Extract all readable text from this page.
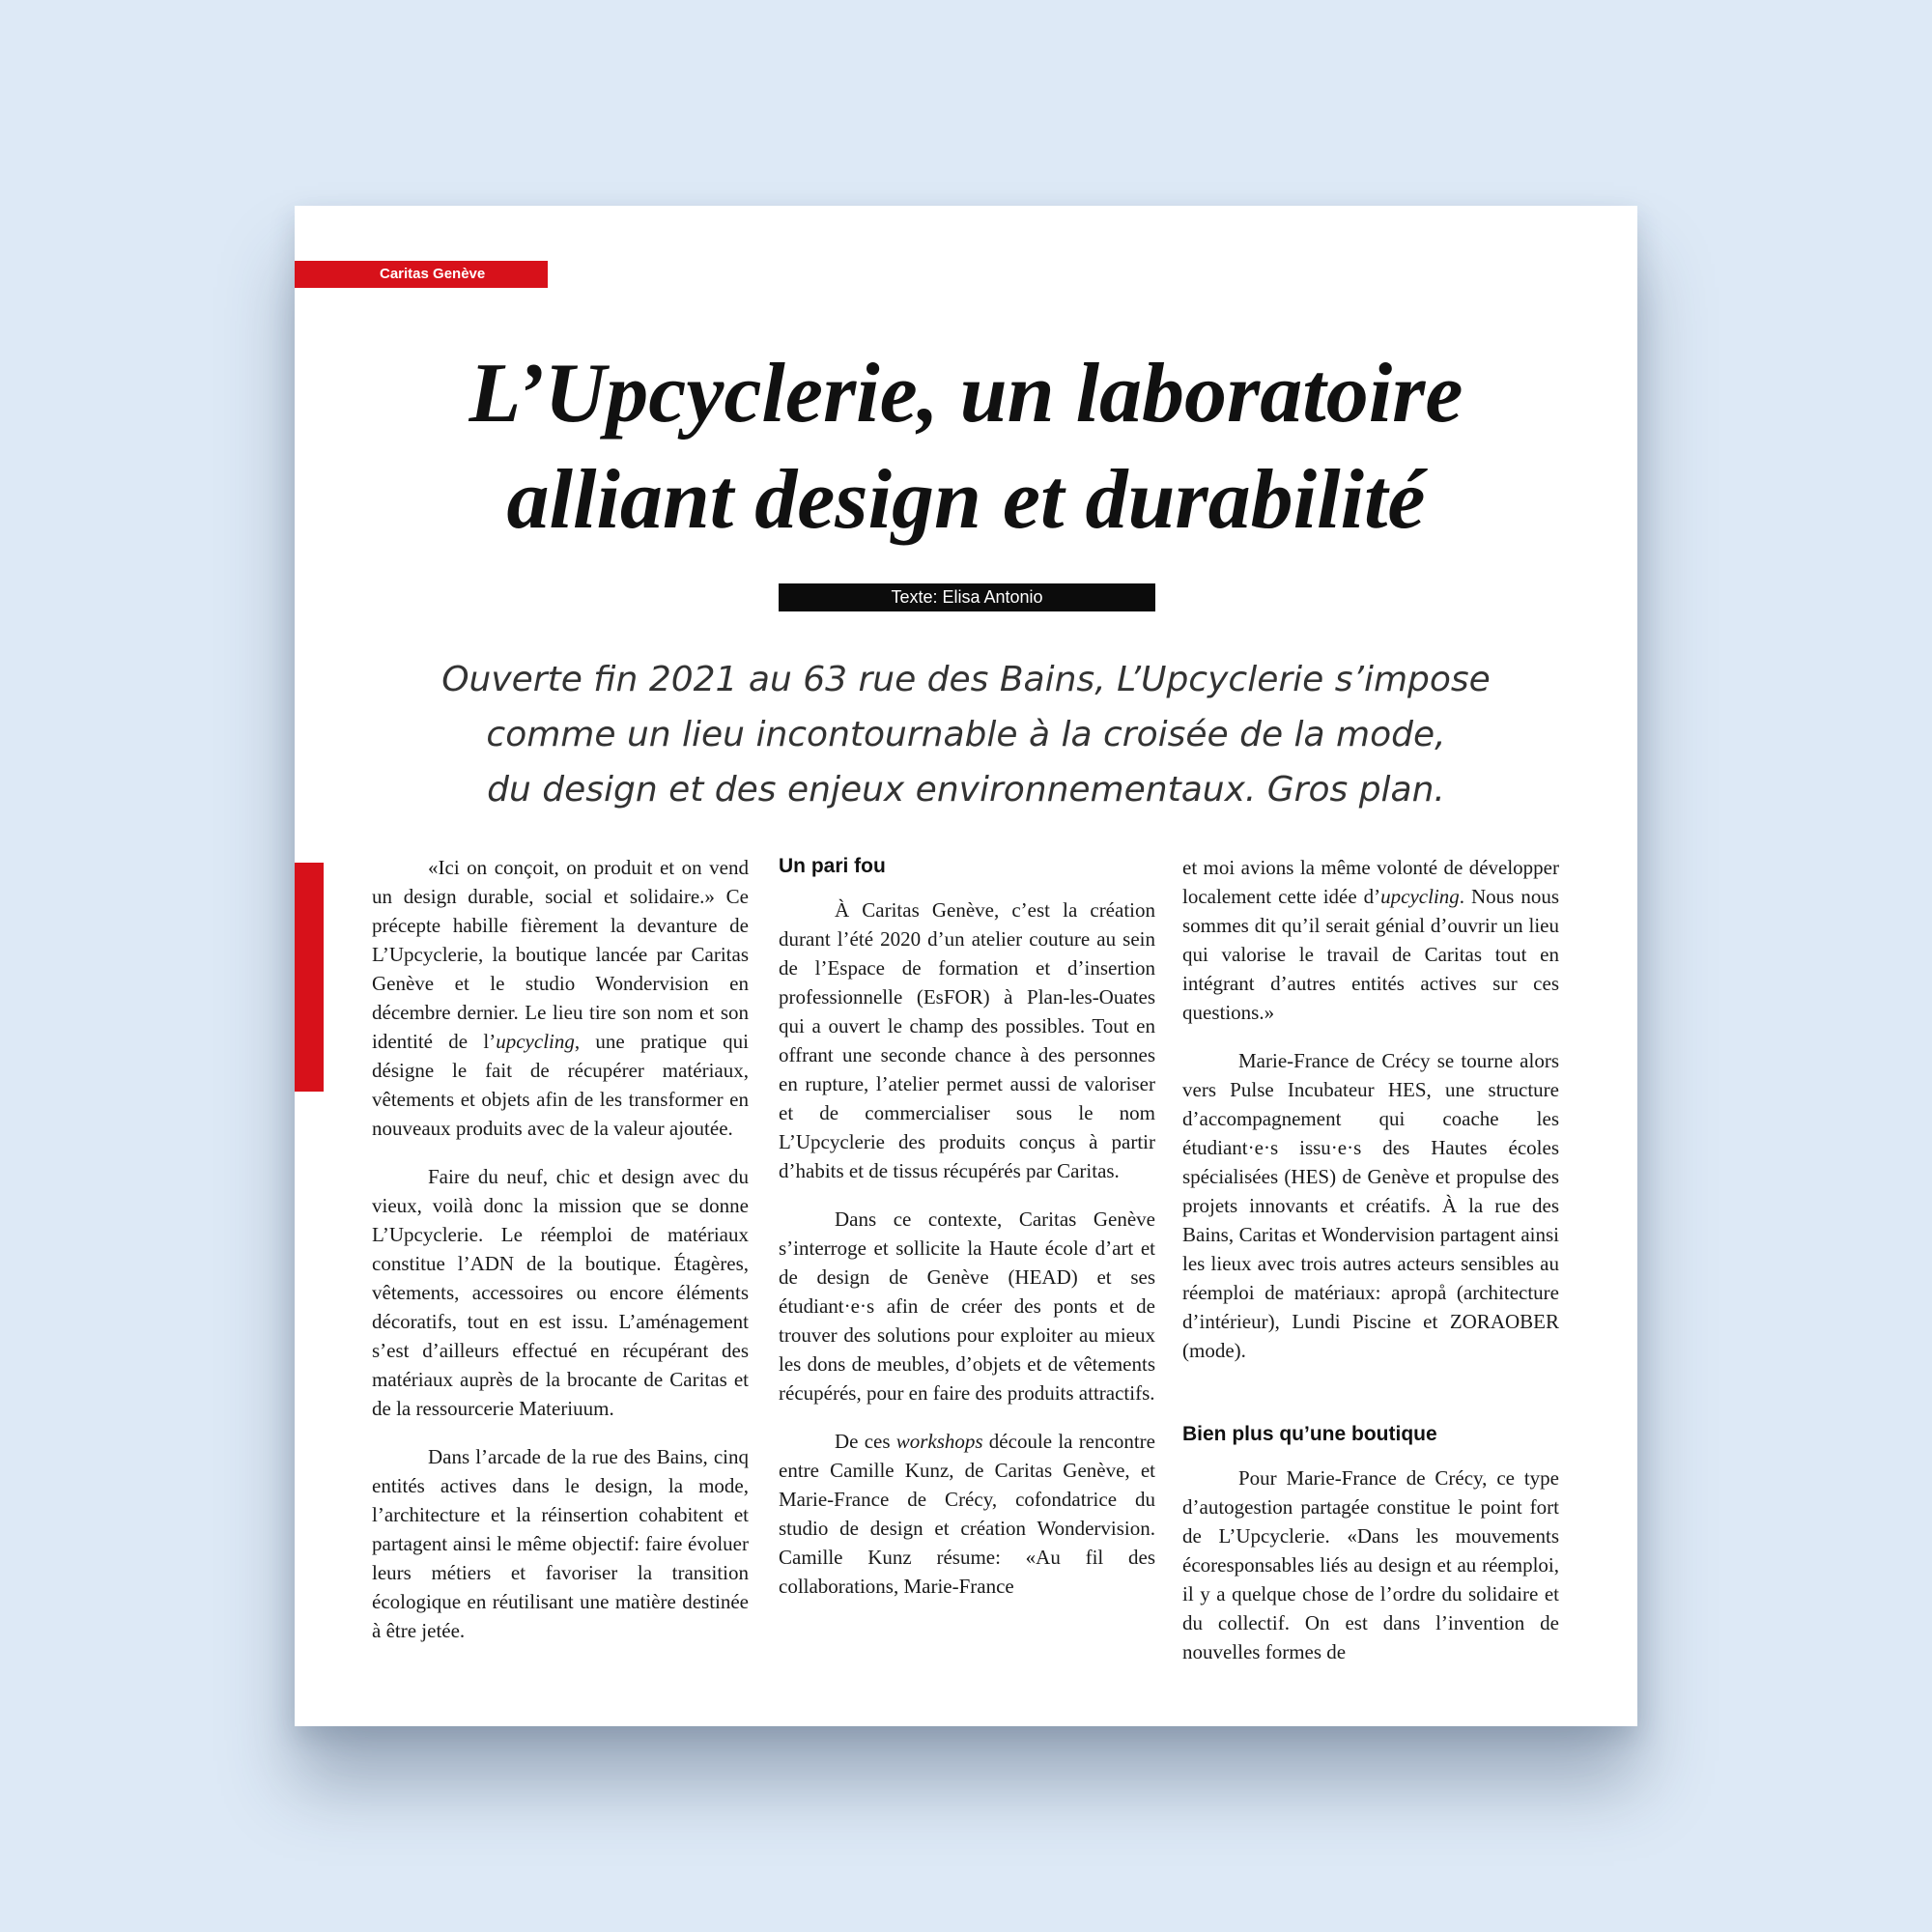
Caritas Genève
L’Upcyclerie, un laboratoire
alliant design et durabilité
Texte: Elisa Antonio

Ouverte fin 2021 au 63 rue des Bains, L’Upcyclerie s’impose
comme un lieu incontournable à la croisée de la mode,
du design et des enjeux environnementaux. Gros plan.

«Ici on conçoit, on produit et on vend un design durable, social et solidaire.» Ce précepte habille fièrement la devanture de L’Upcyclerie, la boutique lancée par Caritas Genève et le studio Wondervision en décembre dernier. Le lieu tire son nom et son identité de l’upcycling, une pratique qui désigne le fait de récupérer matériaux, vêtements et objets afin de les transformer en nouveaux produits avec de la valeur ajoutée.

Faire du neuf, chic et design avec du vieux, voilà donc la mission que se donne L’Upcyclerie. Le réemploi de matériaux constitue l’ADN de la boutique. Étagères, vêtements, accessoires ou encore éléments décoratifs, tout en est issu. L’aménagement s’est d’ailleurs effectué en récupérant des matériaux auprès de la brocante de Caritas et de la ressourcerie Materiuum.

Dans l’arcade de la rue des Bains, cinq entités actives dans le design, la mode, l’architecture et la réinsertion cohabitent et partagent ainsi le même objectif: faire évoluer leurs métiers et favoriser la transition écologique en réutilisant une matière destinée à être jetée.

Un pari fou

À Caritas Genève, c’est la création durant l’été 2020 d’un atelier couture au sein de l’Espace de formation et d’insertion professionnelle (EsFOR) à Plan-les-Ouates qui a ouvert le champ des possibles. Tout en offrant une seconde chance à des personnes en rupture, l’atelier permet aussi de valoriser et de commercialiser sous le nom L’Upcyclerie des produits conçus à partir d’habits et de tissus récupérés par Caritas.

Dans ce contexte, Caritas Genève s’interroge et sollicite la Haute école d’art et de design de Genève (HEAD) et ses étudiant·e·s afin de créer des ponts et de trouver des solutions pour exploiter au mieux les dons de meubles, d’objets et de vêtements récupérés, pour en faire des produits attractifs.

De ces workshops découle la rencontre entre Camille Kunz, de Caritas Genève, et Marie-France de Crécy, cofondatrice du studio de design et création Wondervision. Camille Kunz résume: «Au fil des collaborations, Marie-France

et moi avions la même volonté de développer localement cette idée d’upcycling. Nous nous sommes dit qu’il serait génial d’ouvrir un lieu qui valorise le travail de Caritas tout en intégrant d’autres entités actives sur ces questions.»

Marie-France de Crécy se tourne alors vers Pulse Incubateur HES, une structure d’accompagnement qui coache les étudiant·e·s issu·e·s des Hautes écoles spécialisées (HES) de Genève et propulse des projets innovants et créatifs. À la rue des Bains, Caritas et Wondervision partagent ainsi les lieux avec trois autres acteurs sensibles au réemploi de matériaux: apropå (architecture d’intérieur), Lundi Piscine et ZORAOBER (mode).

Bien plus qu’une boutique

Pour Marie-France de Crécy, ce type d’autogestion partagée constitue le point fort de L’Upcyclerie. «Dans les mouvements écoresponsables liés au design et au réemploi, il y a quelque chose de l’ordre du solidaire et du collectif. On est dans l’invention de nouvelles formes de
